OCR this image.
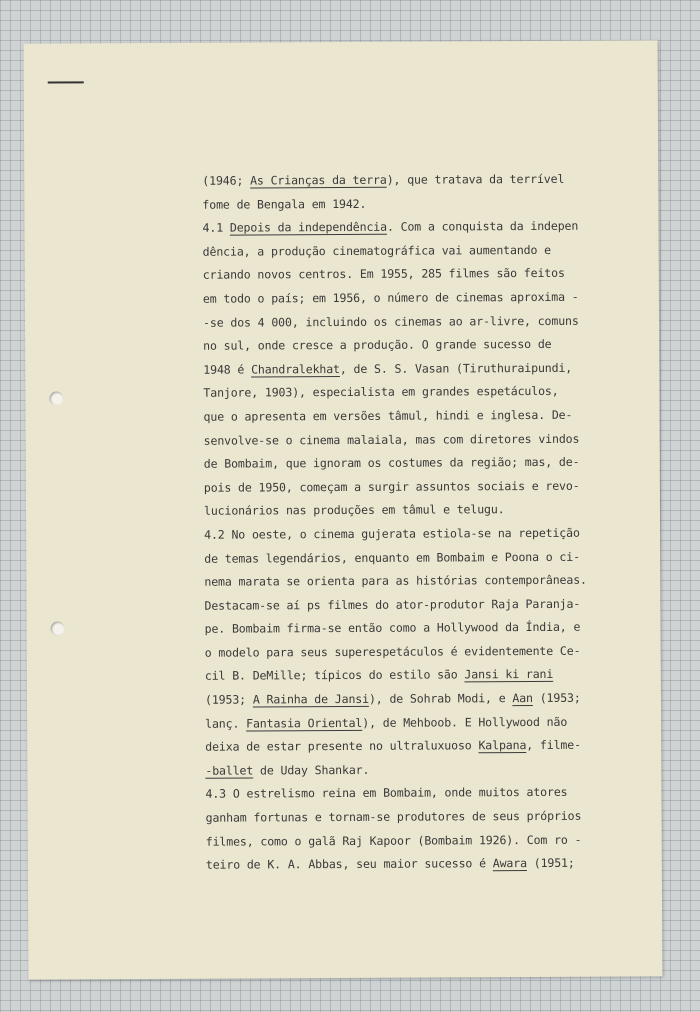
(1946; As Crianças da terra), que tratava da terrível
fome de Bengala em 1942.
4.1 Depois da independência. Com a conquista da indepen
dência, a produção cinematográfica vai aumentando e
criando novos centros. Em 1955, 285 filmes são feitos
em todo o país; em 1956, o número de cinemas aproxima -
-se dos 4 000, incluindo os cinemas ao ar-livre, comuns
no sul, onde cresce a produção. O grande sucesso de
1948 é Chandralekhat, de S. S. Vasan (Tiruthuraipundi,
Tanjore, 1903), especialista em grandes espetáculos,
que o apresenta em versões tâmul, hindi e inglesa. De-
senvolve-se o cinema malaiala, mas com diretores vindos
de Bombaim, que ignoram os costumes da região; mas, de-
pois de 1950, começam a surgir assuntos sociais e revo-
lucionários nas produções em tâmul e telugu.
4.2 No oeste, o cinema gujerata estiola-se na repetição
de temas legendários, enquanto em Bombaim e Poona o ci-
nema marata se orienta para as histórias contemporâneas.
Destacam-se aí ps filmes do ator-produtor Raja Paranja-
pe. Bombaim firma-se então como a Hollywood da Índia, e
o modelo para seus superespetáculos é evidentemente Ce-
cil B. DeMille; típicos do estilo são Jansi ki rani
(1953; A Rainha de Jansi), de Sohrab Modi, e Aan (1953;
lanç. Fantasia Oriental), de Mehboob. E Hollywood não
deixa de estar presente no ultraluxuoso Kalpana, filme-
-ballet de Uday Shankar.
4.3 O estrelismo reina em Bombaim, onde muitos atores
ganham fortunas e tornam-se produtores de seus próprios
filmes, como o galã Raj Kapoor (Bombaim 1926). Com ro -
teiro de K. A. Abbas, seu maior sucesso é Awara (1951;
